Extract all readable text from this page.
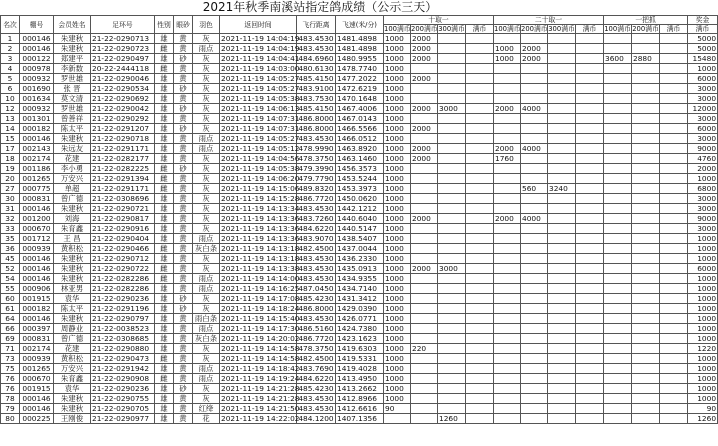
2021年秋季南溪站指定鸽成绩（公示三天）
名次	棚号	会员姓名	足环号	性别	眼砂	羽色	返回时间	飞行距离	飞速(米/分)	十取一				二十取一				一把抓			奖金
										100满币	200满币	300满币	满币	100满币	200满币	300满币	满币	100满币	200满币	满币	满币
1	000146	朱建秋	21-22-0290713	雄	黄	灰	2021-11-19 14:04:19	483.4530	1481.4898	1000	2000										5000
2	000146	朱建秋	21-22-0290723	雌	黄	雨点	2021-11-19 14:04:19	483.4530	1481.4898	1000	2000			1000	2000						5000
3	000122	郑建平	21-22-0290497	雄	砂	灰	2021-11-19 14:04:41	484.6960	1480.9955	1000	2000			1000	2000			3600	2880		15480
4	000978	李新数	20-22-2444118	雌	黄	灰	2021-11-19 14:03:00	480.6130	1478.7740	1000											1000
5	000932	罗世雄	21-22-0290046	雄	黄	灰	2021-11-19 14:05:27	485.4150	1477.2022	1000	2000										6000
6	001690	张 晋	21-22-0290534	雄	砂	灰	2021-11-19 14:05:27	483.9100	1472.6219	1000											3000
10	001634	莫文清	21-22-0290692	雄	黄	灰	2021-11-19 14:05:38	483.7530	1470.1648	1000											3000
12	000932	罗世雄	21-22-0290042	雄	砂	灰	2021-11-19 14:06:13	485.4150	1467.4006	1000	2000	3000		2000	4000						12000
13	001301	曾善祥	21-22-0290292	雄	黄	灰	2021-11-19 14:07:31	486.8000	1467.0143	1000											3000
14	000182	陈太平	21-22-0291207	雄	砂	灰	2021-11-19 14:07:31	486.8000	1466.5566	1000	2000										6000
15	000146	朱建秋	21-22-0290718	雄	黄	雨点	2021-11-19 14:05:27	483.4530	1466.0512	1000											3000
17	002143	朱远友	21-22-0291171	雄	黄	雨点	2021-11-19 14:05:12	478.9990	1463.8920	1000	2000			2000	4000						9000
18	002174	花建	21-22-0282177	雄	黄	灰	2021-11-19 14:04:56	478.3750	1463.1460	1000	2000			1760							4760
19	001186	李小勇	21-22-0282225	雌	砂	灰	2021-11-19 14:05:38	479.3990	1456.3573	1000											2000
20	001265	万安兴	21-22-0291394	雌	黄	灰	2021-11-19 14:06:20	479.7790	1453.5244	1000											1000
27	000775	单超	21-22-0291171	雌	黄	灰	2021-11-19 14:15:06	489.8320	1453.3973	1000					560	3240					6800
30	000831	曾广德	21-22-0308696	雄	黄	灰	2021-11-19 14:15:28	486.7720	1450.0620	1000											3000
31	000146	朱建秋	21-22-0290721	雄	黄	灰	2021-11-19 14:13:34	483.4530	1442.1212	1000											3000
32	001200	刘海	21-22-0290817	雄	黄	灰	2021-11-19 14:13:36	483.7260	1440.6040	1000	2000			2000	4000						9000
33	000670	朱育鑫	21-22-0290916	雄	黄	灰	2021-11-19 14:13:36	484.6220	1440.5147	1000											3000
35	001712	王 昌	21-22-0290404	雄	黄	雨点	2021-11-19 14:13:36	483.9070	1438.5407	1000											1000
36	000939	黄积松	21-22-0290466	雌	黄	灰白条	2021-11-19 14:13:18	482.4500	1437.0044	1000											1000
45	000146	朱建秋	21-22-0290712	雄	黄	灰	2021-11-19 14:13:18	483.4530	1436.2330	1000											1000
52	000146	朱建秋	21-22-0290722	雌	黄	灰	2021-11-19 14:13:38	483.4530	1435.0913	1000	2000	3000									6000
54	000146	朱建秋	21-22-0282286	雌	黄	雨点	2021-11-19 14:14:00	483.4530	1434.9355	1000											1000
55	000906	林亚男	21-22-0282286	雄	黄	雨点	2021-11-19 14:16:25	487.0450	1434.7140	1000											1000
60	001915	袁华	21-22-0290236	雄	砂	灰	2021-11-19 14:17:08	485.4230	1431.3412	1000											1000
61	000182	陈太平	21-22-0291196	雄	砂	灰	2021-11-19 14:18:24	486.8000	1429.0390	1000											1000
64	000146	朱建秋	21-22-0290797	雄	黄	雨白条	2021-11-19 14:15:40	483.4530	1426.0771	1000											1000
66	000397	周静业	21-22-0038523	雄	黄	雨点	2021-11-19 14:17:30	486.5160	1424.7380	1000											1000
69	000831	曾广德	21-22-0308685	雄	黄	灰白条	2021-11-19 14:20:02	486.7720	1423.1623	1000											1000
71	002174	花建	21-22-0290880	雄	黄	灰	2021-11-19 14:14:58	478.3750	1419.6303	1000	220										1220
73	000939	黄积松	21-22-0290473	雌	黄	灰	2021-11-19 14:14:58	482.4500	1419.5331	1000											1000
75	001265	万安兴	21-22-0291942	雄	黄	雨点	2021-11-19 14:18:42	483.7690	1419.4028	1000											1000
76	000670	朱育鑫	21-22-0290908	雌	黄	雨点	2021-11-19 14:19:24	484.6220	1413.4950	1000											1000
76	001915	袁华	21-22-0290236	雄	砂	灰	2021-11-19 14:21:28	485.4230	1413.2662	1000											1000
78	000146	朱建秋	21-22-0290755	雄	黄	灰	2021-11-19 14:21:28	483.4530	1412.8966	1000											1000
79	000146	朱建秋	21-22-0290705	雄	黄	红绛	2021-11-19 14:21:50	483.4530	1412.6616	90											90
80	000225	王刚俊	21-22-0290977	雄	黄	花	2021-11-19 14:22:02	484.1200	1407.1356			1260									1260
